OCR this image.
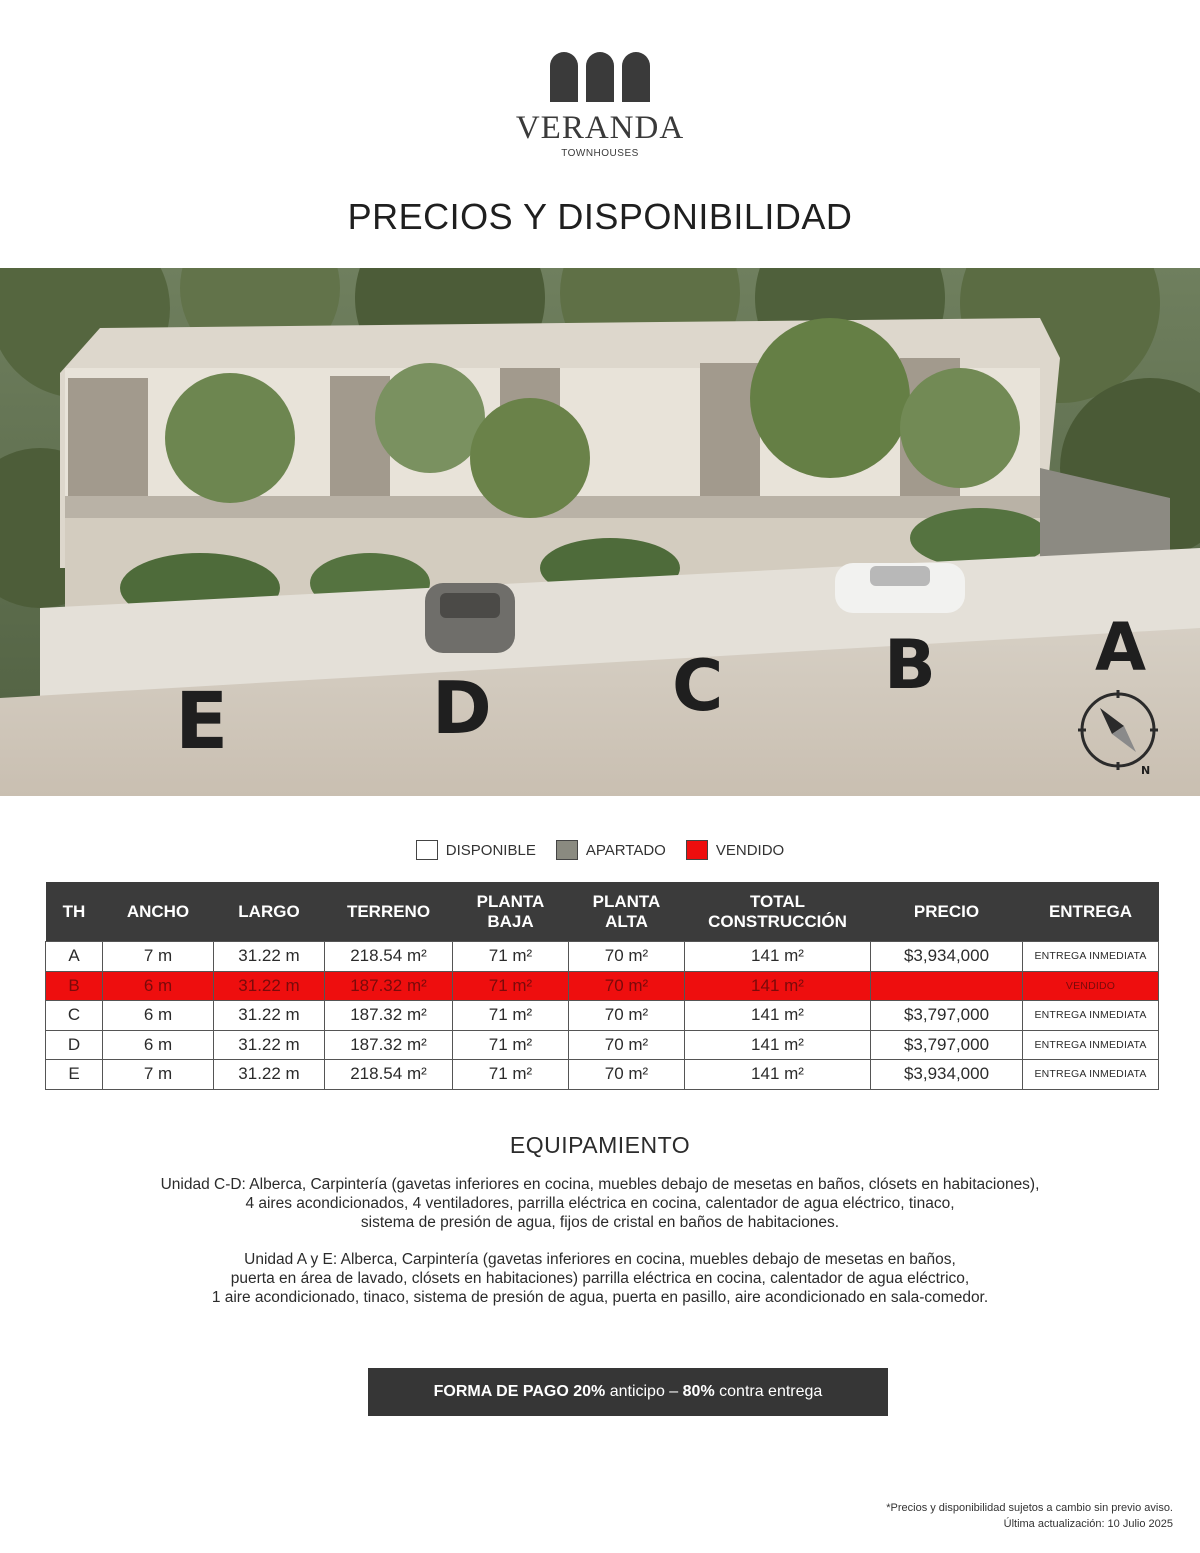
VERANDA
TOWNHOUSES
PRECIOS Y DISPONIBILIDAD
E	D	C B A
N
DISPONIBLE	APARTADO	VENDIDO
TH	ANCHO	LARGO	TERRENO	PLANTA BAJA	PLANTA ALTA	TOTAL CONSTRUCCIÓN	PRECIO	ENTREGA
A	7 m	31.22 m	218.54 m²	71 m²	70 m²	141 m²	$3,934,000	ENTREGA INMEDIATA
B	6 m	31.22 m	187.32 m²	71 m²	70 m²	141 m²		VENDIDO
C	6 m	31.22 m	187.32 m²	71 m²	70 m²	141 m²	$3,797,000	ENTREGA INMEDIATA
D	6 m	31.22 m	187.32 m²	71 m²	70 m²	141 m²	$3,797,000	ENTREGA INMEDIATA
E	7 m	31.22 m	218.54 m²	71 m²	70 m²	141 m²	$3,934,000	ENTREGA INMEDIATA
EQUIPAMIENTO

Unidad C-D: Alberca, Carpintería (gavetas inferiores en cocina, muebles debajo de mesetas en baños, clósets en habitaciones),
4 aires acondicionados, 4 ventiladores, parrilla eléctrica en cocina, calentador de agua eléctrico, tinaco,
sistema de presión de agua, fijos de cristal en baños de habitaciones.

Unidad A y E: Alberca, Carpintería (gavetas inferiores en cocina, muebles debajo de mesetas en baños,
puerta en área de lavado, clósets en habitaciones) parrilla eléctrica en cocina, calentador de agua eléctrico,
1 aire acondicionado, tinaco, sistema de presión de agua, puerta en pasillo, aire acondicionado en sala-comedor.

FORMA DE PAGO
20%
anticipo –
80%
contra entrega
*Precios y disponibilidad sujetos a cambio sin previo aviso.
Última actualización: 10 Julio 2025
